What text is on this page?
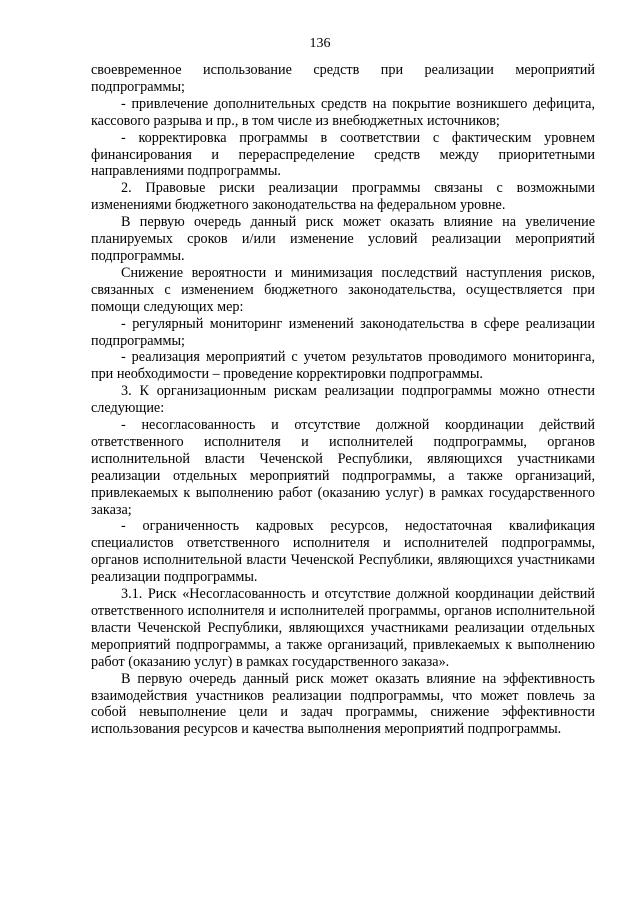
136

своевременное использование средств при реализации мероприятий подпрограммы;

- привлечение дополнительных средств на покрытие возникшего дефицита, кассового разрыва и пр., в том числе из внебюджетных источников;

- корректировка программы в соответствии с фактическим уровнем финансирования и перераспределение средств между приоритетными направлениями подпрограммы.

2. Правовые риски реализации программы связаны с возможными изменениями бюджетного законодательства на федеральном уровне.

В первую очередь данный риск может оказать влияние на увеличение планируемых сроков и/или изменение условий реализации мероприятий подпрограммы.

Снижение вероятности и минимизация последствий наступления рисков, связанных с изменением бюджетного законодательства, осуществляется при помощи следующих мер:

- регулярный мониторинг изменений законодательства в сфере реализации подпрограммы;

- реализация мероприятий с учетом результатов проводимого мониторинга, при необходимости – проведение корректировки подпрограммы.

3. К организационным рискам реализации подпрограммы можно отнести следующие:

- несогласованность и отсутствие должной координации действий ответственного исполнителя и исполнителей подпрограммы, органов исполнительной власти Чеченской Республики, являющихся участниками реализации отдельных мероприятий подпрограммы, а также организаций, привлекаемых к выполнению работ (оказанию услуг) в рамках государственного заказа;

- ограниченность кадровых ресурсов, недостаточная квалификация специалистов ответственного исполнителя и исполнителей подпрограммы, органов исполнительной власти Чеченской Республики, являющихся участниками реализации подпрограммы.

3.1. Риск «Несогласованность и отсутствие должной координации действий ответственного исполнителя и исполнителей программы, органов исполнительной власти Чеченской Республики, являющихся участниками реализации отдельных мероприятий подпрограммы, а также организаций, привлекаемых к выполнению работ (оказанию услуг) в рамках государственного заказа».

В первую очередь данный риск может оказать влияние на эффективность взаимодействия участников реализации подпрограммы, что может повлечь за собой невыполнение цели и задач программы, снижение эффективности использования ресурсов и качества выполнения мероприятий подпрограммы.
